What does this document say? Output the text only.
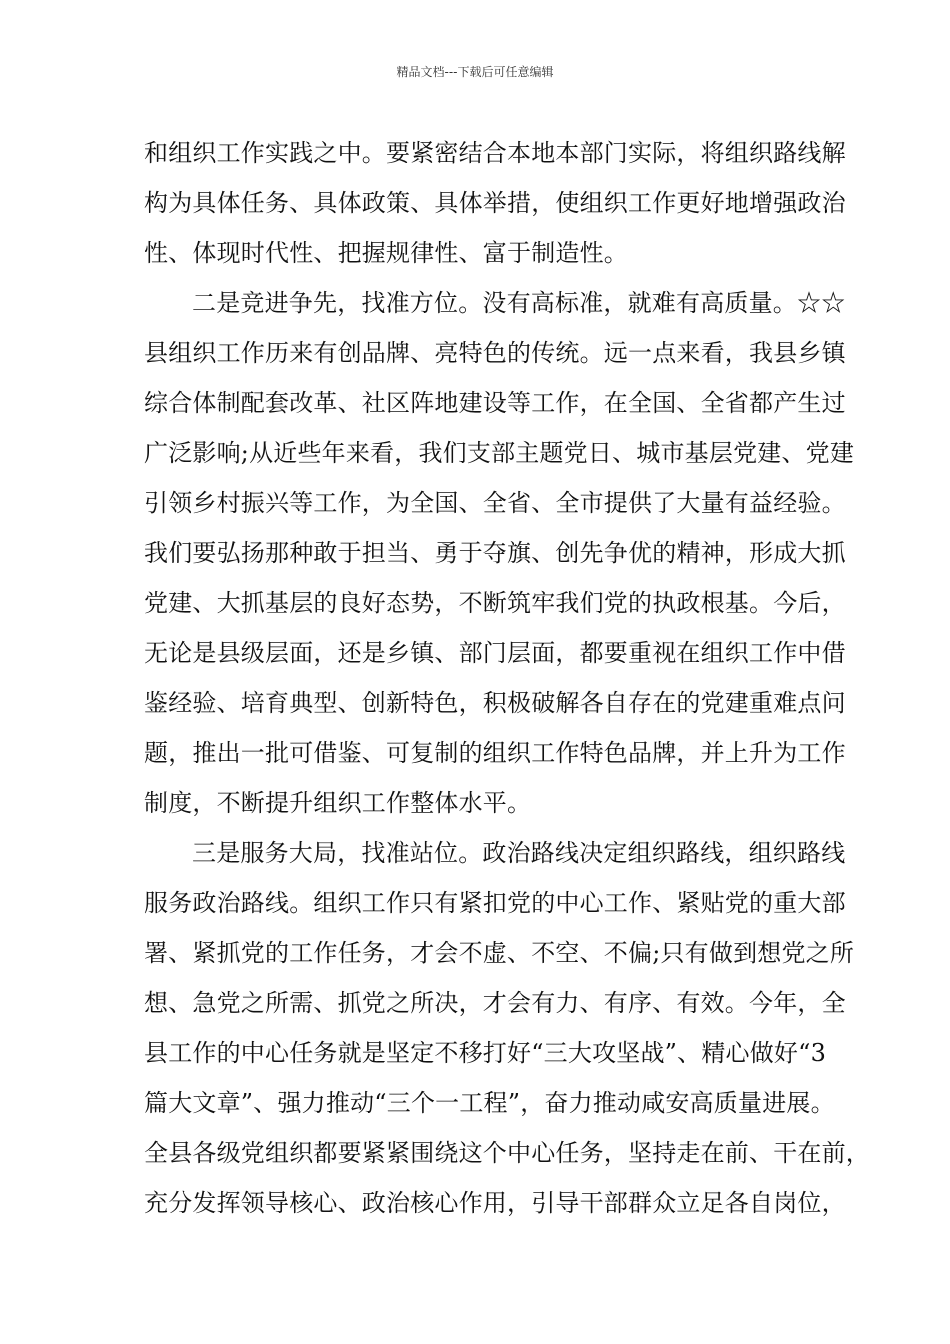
精品文档---下载后可任意编辑
和组织工作实践之中。要紧密结合本地本部门实际，将组织路线解
构为具体任务、具体政策、具体举措，使组织工作更好地增强政治
性、体现时代性、把握规律性、富于制造性。
二是竞进争先，找准方位。没有高标准，就难有高质量。☆☆
县组织工作历来有创品牌、亮特色的传统。远一点来看，我县乡镇
综合体制配套改革、社区阵地建设等工作，在全国、全省都产生过
广泛影响;从近些年来看，我们支部主题党日、城市基层党建、党建
引领乡村振兴等工作，为全国、全省、全市提供了大量有益经验。
我们要弘扬那种敢于担当、勇于夺旗、创先争优的精神，形成大抓
党建、大抓基层的良好态势，不断筑牢我们党的执政根基。今后，
无论是县级层面，还是乡镇、部门层面，都要重视在组织工作中借
鉴经验、培育典型、创新特色，积极破解各自存在的党建重难点问
题，推出一批可借鉴、可复制的组织工作特色品牌，并上升为工作
制度，不断提升组织工作整体水平。
三是服务大局，找准站位。政治路线决定组织路线，组织路线
服务政治路线。组织工作只有紧扣党的中心工作、紧贴党的重大部
署、紧抓党的工作任务，才会不虚、不空、不偏;只有做到想党之所
想、急党之所需、抓党之所决，才会有力、有序、有效。今年，全
县工作的中心任务就是坚定不移打好“三大攻坚战”、精心做好“3
篇大文章”、强力推动“三个一工程”，奋力推动咸安高质量进展。
全县各级党组织都要紧紧围绕这个中心任务，坚持走在前、干在前，
充分发挥领导核心、政治核心作用，引导干部群众立足各自岗位，
